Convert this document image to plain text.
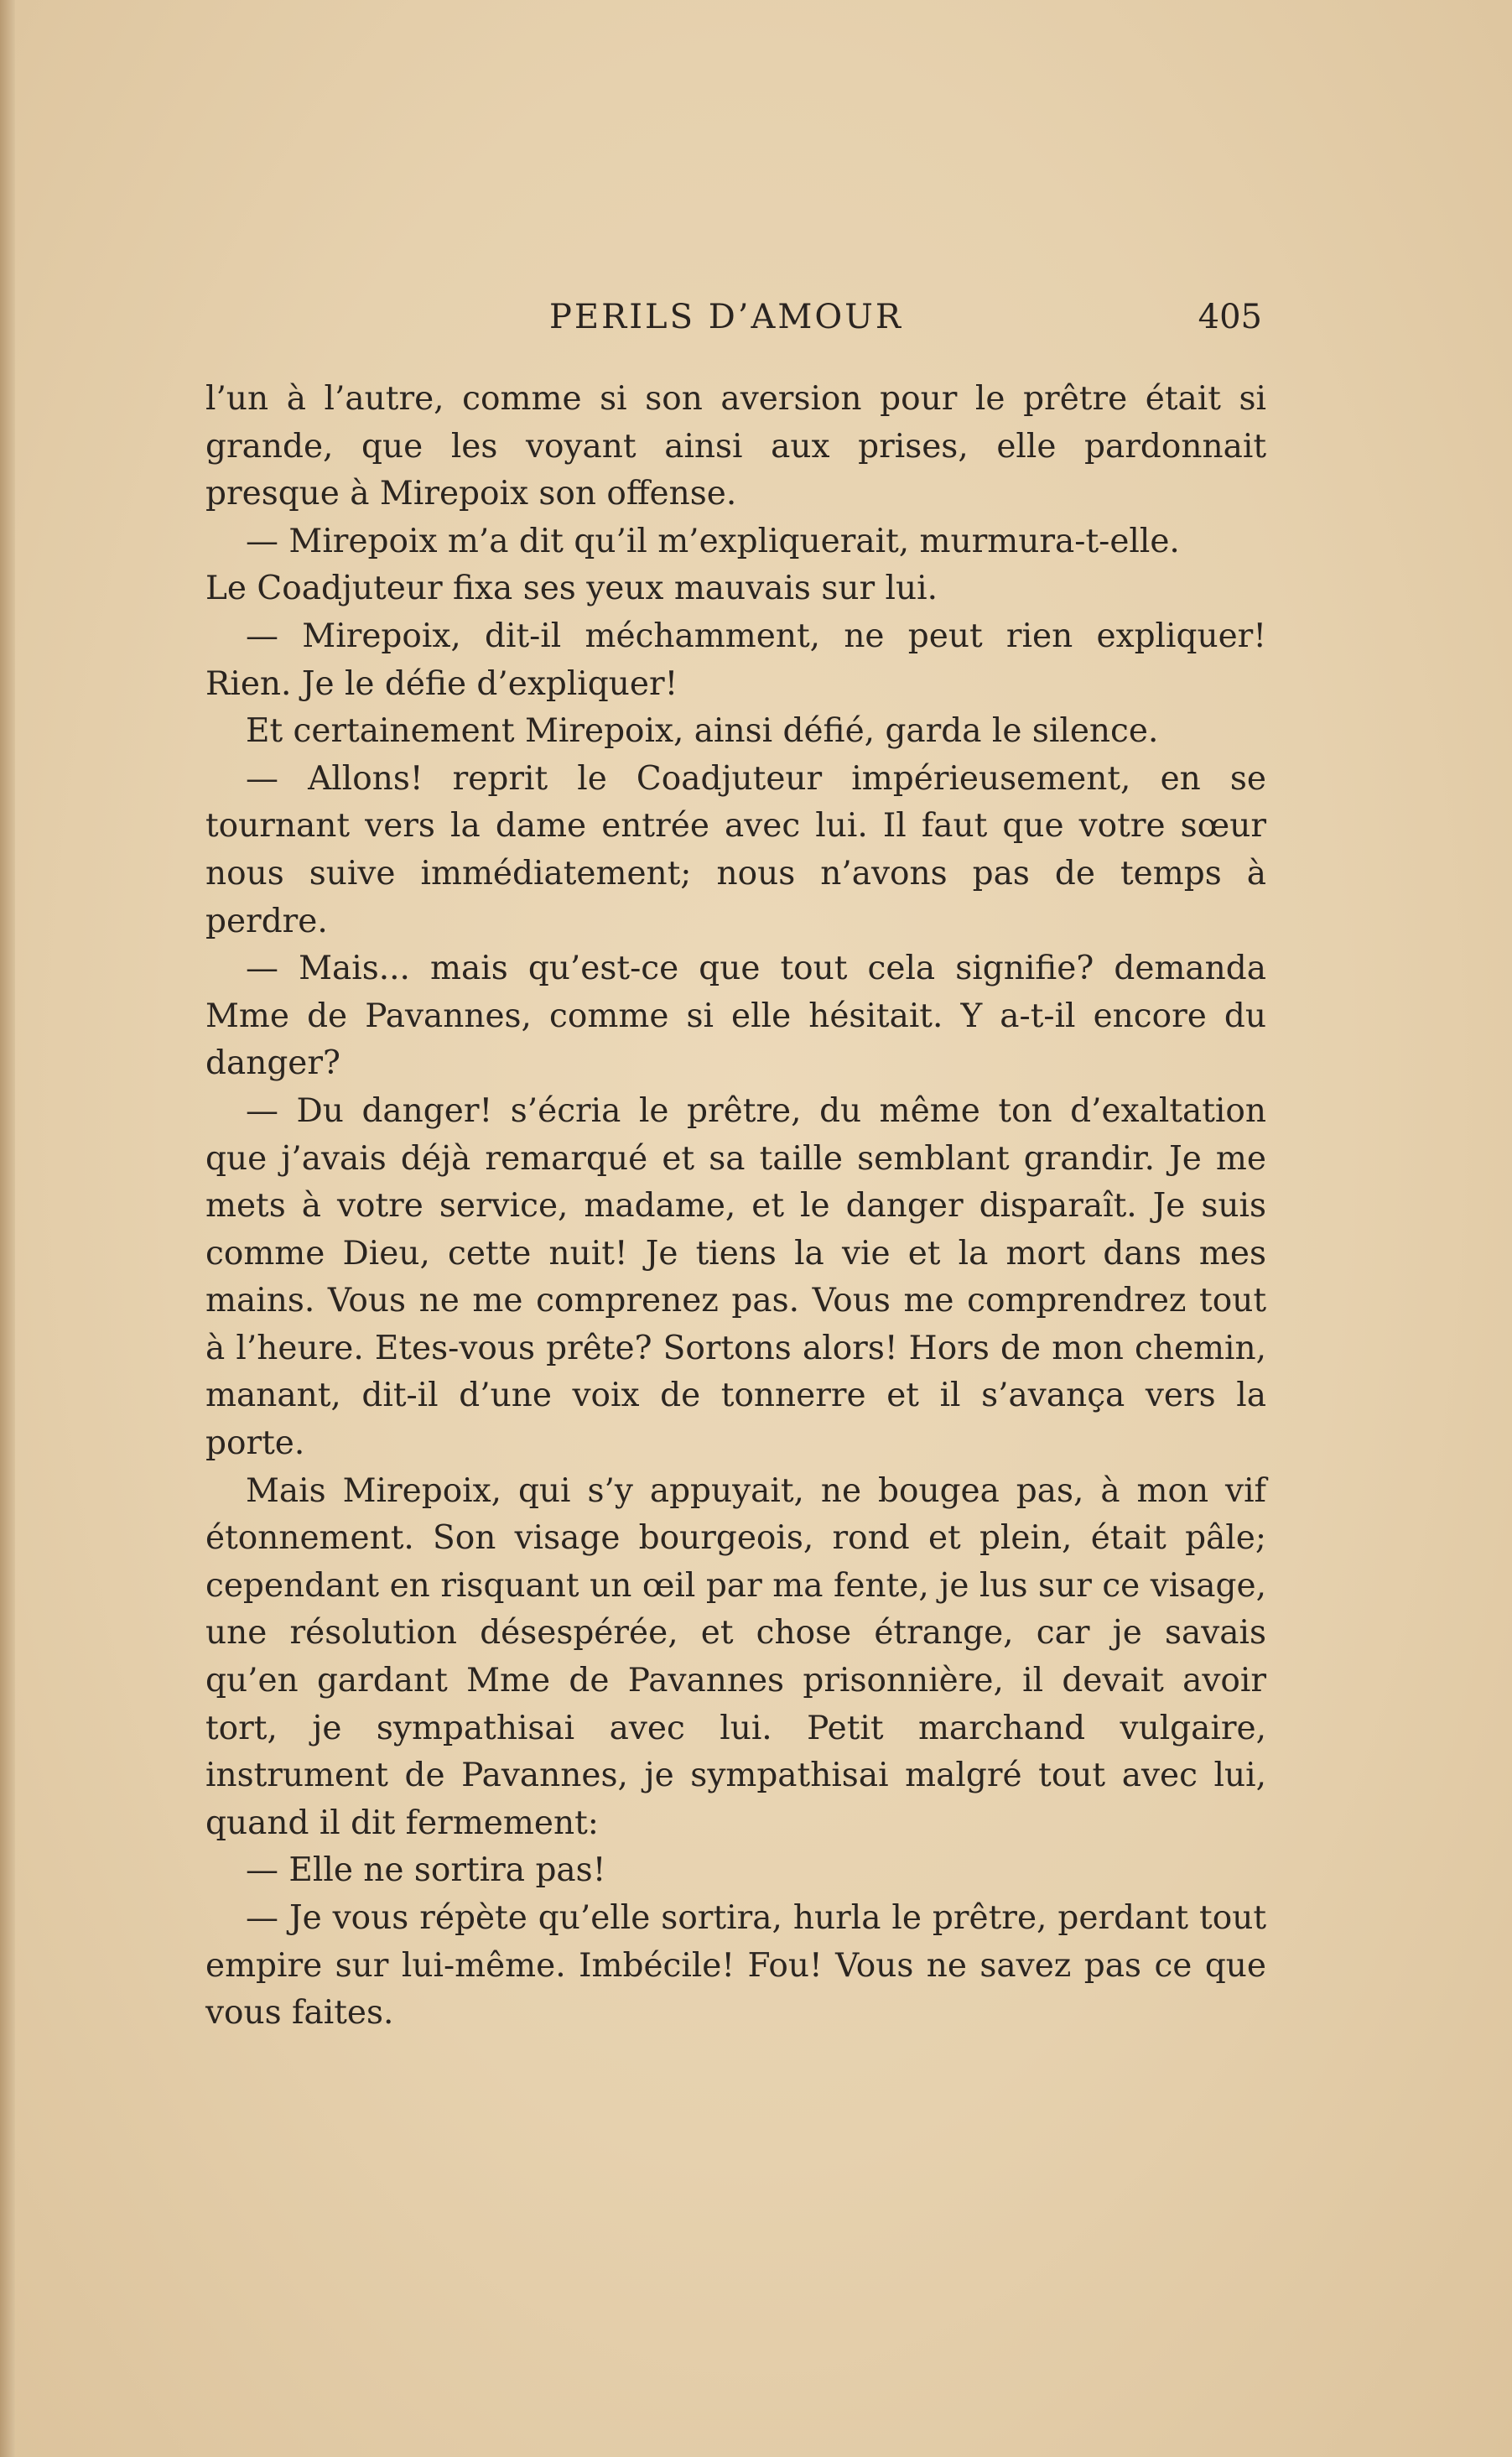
PERILS D’AMOUR	405

l’un à l’autre, comme si son aversion pour le prêtre était si grande, que les voyant ainsi aux prises, elle pardonnait presque à Mirepoix son offense.

— Mirepoix m’a dit qu’il m’expliquerait, murmura-t-elle.

Le Coadjuteur fixa ses yeux mauvais sur lui.

— Mirepoix, dit-il méchamment, ne peut rien expliquer! Rien. Je le défie d’expliquer!

Et certainement Mirepoix, ainsi défié, garda le silence.

— Allons! reprit le Coadjuteur impérieusement, en se tournant vers la dame entrée avec lui. Il faut que votre sœur nous suive immédiatement; nous n’avons pas de temps à perdre.

— Mais... mais qu’est-ce que tout cela signifie? demanda Mme de Pavannes, comme si elle hésitait. Y a-t-il encore du danger?

— Du danger! s’écria le prêtre, du même ton d’exaltation que j’avais déjà remarqué et sa taille semblant grandir. Je me mets à votre service, madame, et le danger disparaît. Je suis comme Dieu, cette nuit! Je tiens la vie et la mort dans mes mains. Vous ne me comprenez pas. Vous me comprendrez tout à l’heure. Etes-vous prête? Sortons alors! Hors de mon chemin, manant, dit-il d’une voix de tonnerre et il s’avança vers la porte.

Mais Mirepoix, qui s’y appuyait, ne bougea pas, à mon vif étonnement. Son visage bourgeois, rond et plein, était pâle; cependant en risquant un œil par ma fente, je lus sur ce visage, une résolution désespérée, et chose étrange, car je savais qu’en gardant Mme de Pavannes prisonnière, il devait avoir tort, je sympathisai avec lui. Petit marchand vulgaire, instrument de Pavannes, je sympathisai malgré tout avec lui, quand il dit fermement:

— Elle ne sortira pas!

— Je vous répète qu’elle sortira, hurla le prêtre, perdant tout empire sur lui-même. Imbécile! Fou! Vous ne savez pas ce que vous faites.
